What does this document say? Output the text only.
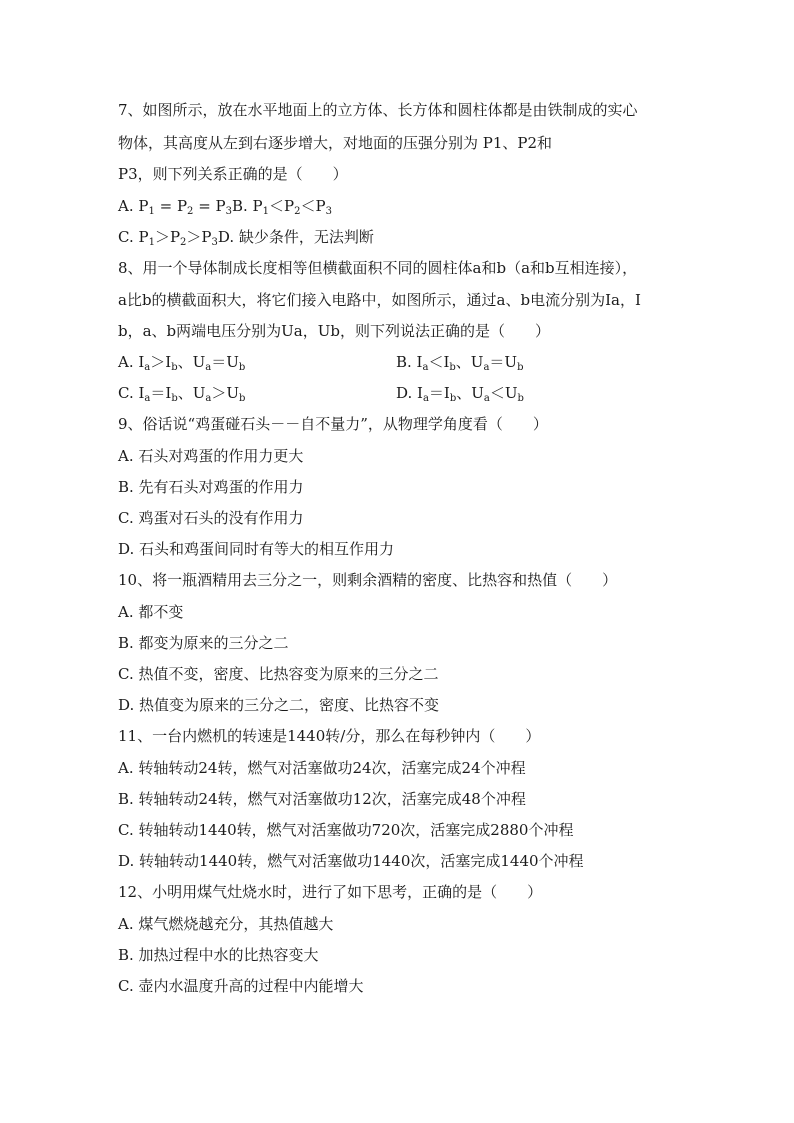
7、如图所示，放在水平地面上的立方体、长方体和圆柱体都是由铁制成的实心
物体，其高度从左到右逐步增大，对地面的压强分别为 P1、P2和
P3，则下列关系正确的是（　　）
A. $P_1 = P_2 = P_3B$. $P_1<P_2<P_3$
C. $P_1>P_2>P_3D$. 缺少条件，无法判断
8、用一个导体制成长度相等但横截面积不同的圆柱体a和b（a和b互相连接），
a比b的横截面积大，将它们接入电路中，如图所示，通过a、b电流分别为Ia，I
b，a、b两端电压分别为Ua，Ub，则下列说法正确的是（　　）
A. $I_a>I_b$、$U_a=U_b$	B. $I_a<I_b$、$U_a=U_b$
C. $I_a=I_b$、$U_a>U_b$	D. $I_a=I_b$、$U_a<U_b$
9、俗话说“鸡蛋碰石头－－自不量力”，从物理学角度看（　　）
A. 石头对鸡蛋的作用力更大
B. 先有石头对鸡蛋的作用力
C. 鸡蛋对石头的没有作用力
D. 石头和鸡蛋间同时有等大的相互作用力
10、将一瓶酒精用去三分之一，则剩余酒精的密度、比热容和热值（　　）
A. 都不变
B. 都变为原来的三分之二
C. 热值不变，密度、比热容变为原来的三分之二
D. 热值变为原来的三分之二，密度、比热容不变
11、一台内燃机的转速是1440转/分，那么在每秒钟内（　　）
A. 转轴转动24转，燃气对活塞做功24次，活塞完成24个冲程
B. 转轴转动24转，燃气对活塞做功12次，活塞完成48个冲程
C. 转轴转动1440转，燃气对活塞做功720次，活塞完成2880个冲程
D. 转轴转动1440转，燃气对活塞做功1440次，活塞完成1440个冲程
12、小明用煤气灶烧水时，进行了如下思考，正确的是（　　）
A. 煤气燃烧越充分，其热值越大
B. 加热过程中水的比热容变大
C. 壶内水温度升高的过程中内能增大
